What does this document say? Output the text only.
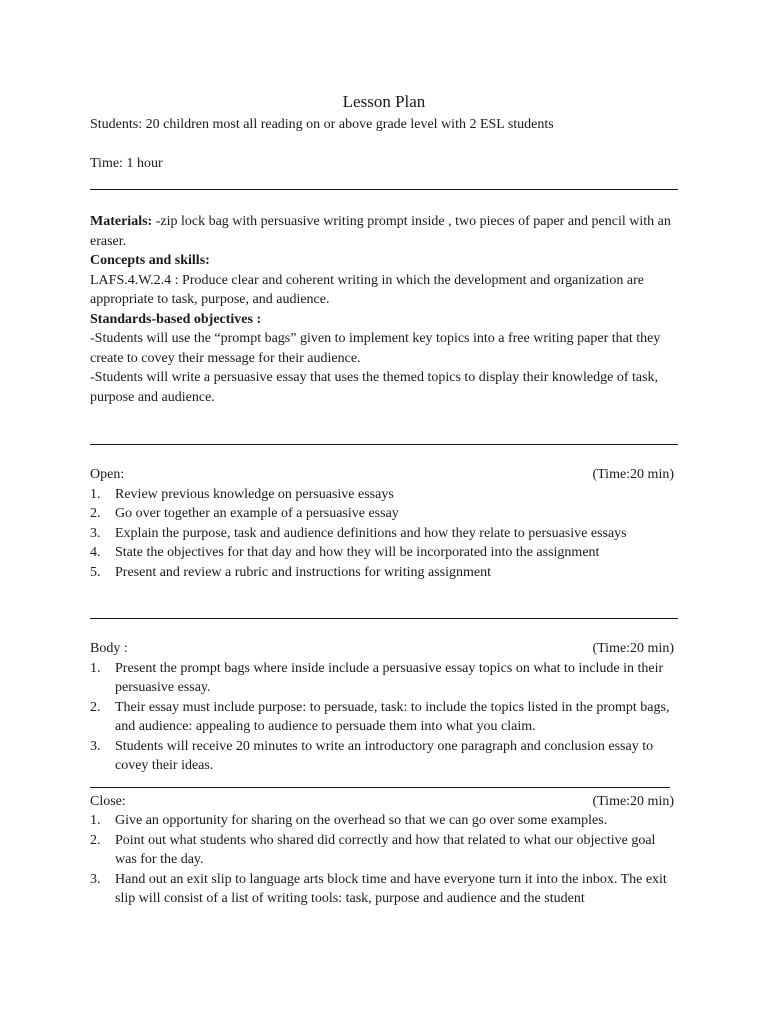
Lesson Plan

Students: 20 children most all reading on or above grade level with 2 ESL students

Time: 1 hour

Materials: -zip lock bag with persuasive writing prompt inside , two pieces of paper and pencil with an eraser.

Concepts and skills:

LAFS.4.W.2.4 : Produce clear and coherent writing in which the development and organization are appropriate to task, purpose, and audience.

Standards-based objectives :

-Students will use the “prompt bags” given to implement key topics into a free writing paper that they create to covey their message for their audience.

-Students will write a persuasive essay that uses the themed topics to display their knowledge of task, purpose and audience.

Open:	(Time:20 min)
1.	Review previous knowledge on persuasive essays
2.	Go over together an example of a persuasive essay
3.	Explain the purpose, task and audience definitions and how they relate to persuasive essays
4.	State the objectives for that day and how they will be incorporated into the assignment
5.	Present and review a rubric and instructions for writing assignment
Body :	(Time:20 min)
1.	Present the prompt bags where inside include a persuasive essay topics on what to include in their persuasive essay.
2.	Their essay must include purpose: to persuade, task: to include the topics listed in the prompt bags, and audience: appealing to audience to persuade them into what you claim.
3.	Students will receive 20 minutes to write an introductory one paragraph and conclusion essay to covey their ideas.
Close:	(Time:20 min)
1.	Give an opportunity for sharing on the overhead so that we can go over some examples.
2.	Point out what students who shared did correctly and how that related to what our objective goal was for the day.
3.	Hand out an exit slip to language arts block time and have everyone turn it into the inbox. The exit slip will consist of a list of writing tools: task, purpose and audience and the student
